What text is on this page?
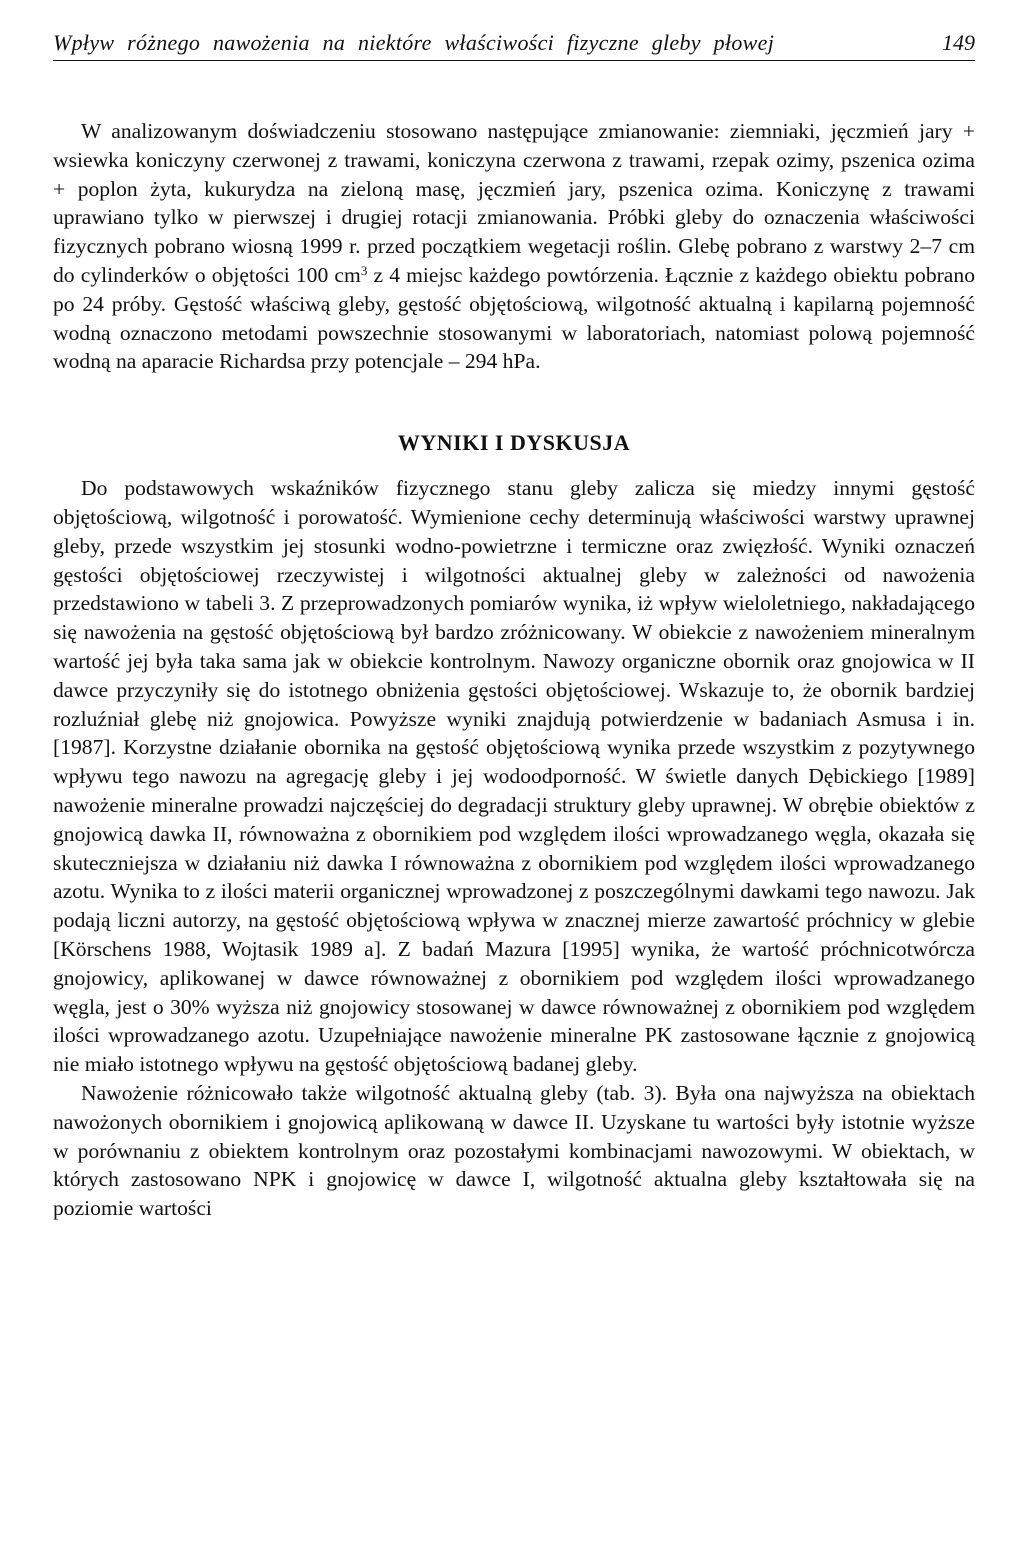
Wpływ różnego nawożenia na niektóre właściwości fizyczne gleby płowej	149

W analizowanym doświadczeniu stosowano następujące zmianowanie: ziemniaki, jęczmień jary + wsiewka koniczyny czerwonej z trawami, koniczyna czerwona z trawami, rzepak ozimy, pszenica ozima + poplon żyta, kukurydza na zieloną masę, jęczmień jary, pszenica ozima. Koniczynę z trawami uprawiano tylko w pierwszej i drugiej rotacji zmianowania. Próbki gleby do oznaczenia właściwości fizycznych pobrano wiosną 1999 r. przed początkiem wegetacji roślin. Glebę pobrano z warstwy 2–7 cm do cylinderków o objętości 100 $cm^3$ z 4 miejsc każdego powtórzenia. Łącznie z każdego obiektu pobrano po 24 próby. Gęstość właściwą gleby, gęstość objętościową, wilgotność aktualną i kapilarną pojemność wodną oznaczono metodami powszechnie stosowanymi w laboratoriach, natomiast polową pojemność wodną na aparacie Richardsa przy potencjale – 294 hPa.

WYNIKI I DYSKUSJA

Do podstawowych wskaźników fizycznego stanu gleby zalicza się miedzy innymi gęstość objętościową, wilgotność i porowatość. Wymienione cechy determinują właściwości warstwy uprawnej gleby, przede wszystkim jej stosunki wodno-powietrzne i termiczne oraz zwięzłość. Wyniki oznaczeń gęstości objętościowej rzeczywistej i wilgotności aktualnej gleby w zależności od nawożenia przedstawiono w tabeli 3. Z przeprowadzonych pomiarów wynika, iż wpływ wieloletniego, nakładającego się nawożenia na gęstość objętościową był bardzo zróżnicowany. W obiekcie z nawożeniem mineralnym wartość jej była taka sama jak w obiekcie kontrolnym. Nawozy organiczne obornik oraz gnojowica w II dawce przyczyniły się do istotnego obniżenia gęstości objętościowej. Wskazuje to, że obornik bardziej rozluźniał glebę niż gnojowica. Powyższe wyniki znajdują potwierdzenie w badaniach Asmusa i in. [1987]. Korzystne działanie obornika na gęstość objętościową wynika przede wszystkim z pozytywnego wpływu tego nawozu na agregację gleby i jej wodoodporność. W świetle danych Dębickiego [1989] nawożenie mineralne prowadzi najczęściej do degradacji struktury gleby uprawnej. W obrębie obiektów z gnojowicą dawka II, równoważna z obornikiem pod względem ilości wprowadzanego węgla, okazała się skuteczniejsza w działaniu niż dawka I równoważna z obornikiem pod względem ilości wprowadzanego azotu. Wynika to z ilości materii organicznej wprowadzonej z poszczególnymi dawkami tego nawozu. Jak podają liczni autorzy, na gęstość objętościową wpływa w znacznej mierze zawartość próchnicy w glebie [Körschens 1988, Wojtasik 1989 a]. Z badań Mazura [1995] wynika, że wartość próchnicotwórcza gnojowicy, aplikowanej w dawce równoważnej z obornikiem pod względem ilości wprowadzanego węgla, jest o 30% wyższa niż gnojowicy stosowanej w dawce równoważnej z obornikiem pod względem ilości wprowadzanego azotu. Uzupełniające nawożenie mineralne PK zastosowane łącznie z gnojowicą nie miało istotnego wpływu na gęstość objętościową badanej gleby.

Nawożenie różnicowało także wilgotność aktualną gleby (tab. 3). Była ona najwyższa na obiektach nawożonych obornikiem i gnojowicą aplikowaną w dawce II. Uzyskane tu wartości były istotnie wyższe w porównaniu z obiektem kontrolnym oraz pozostałymi kombinacjami nawozowymi. W obiektach, w których zastosowano NPK i gnojowicę w dawce I, wilgotność aktualna gleby kształtowała się na poziomie wartości
